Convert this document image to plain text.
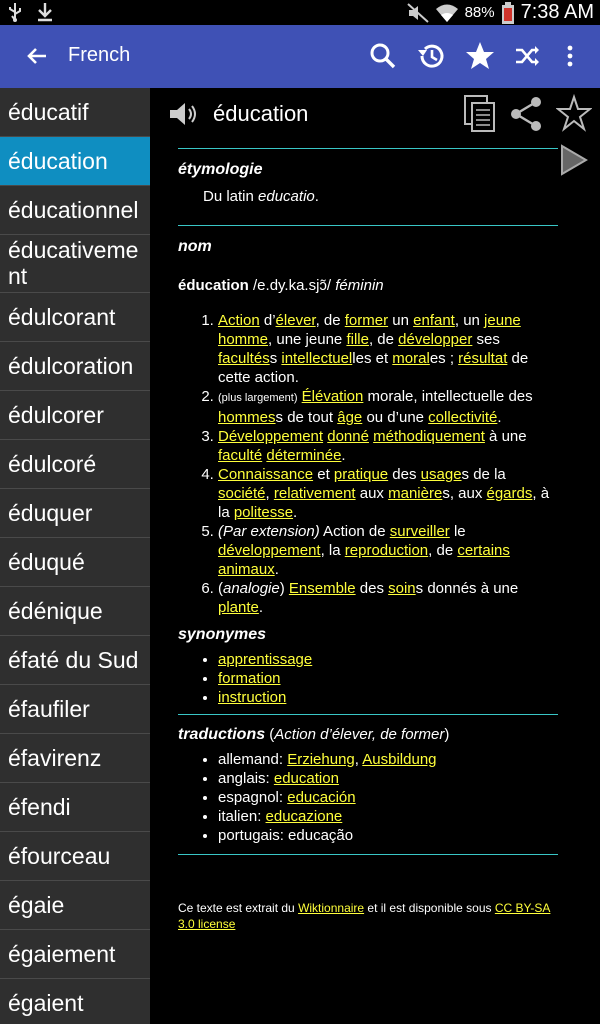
88% 7:38 AM
French
éducatif
éducation
éducationnel
éducativement
édulcorant
édulcoration
édulcorer
édulcoré
éduquer
éduqué
édénique
éfaté du Sud
éfaufiler
éfavirenz
éfendi
éfourceau
égaie
égaiement
égaient
éducation
étymologie
Du latin educatio.
nom
éducation /e.dy.ka.sjɔ̃/ féminin
1. Action d’élever, de former un enfant, un jeune homme, une jeune fille, de développer ses facultéss intellectuelles et morales ; résultat de cette action.
2. (plus largement) Élévation morale, intellectuelle des hommess de tout âge ou d’une collectivité.
3. Développement donné méthodiquement à une faculté déterminée.
4. Connaissance et pratique des usages de la société, relativement aux manières, aux égards, à la politesse.
5. (Par extension) Action de surveiller le développement, la reproduction, de certains animaux.
6. (analogie) Ensemble des soins donnés à une plante.
synonymes
• apprentissage
• formation
• instruction
traductions (Action d’élever, de former)
• allemand: Erziehung, Ausbildung
• anglais: education
• espagnol: educación
• italien: educazione
• portugais: educação
Ce texte est extrait du Wiktionnaire et il est disponible sous CC BY-SA 3.0 license
